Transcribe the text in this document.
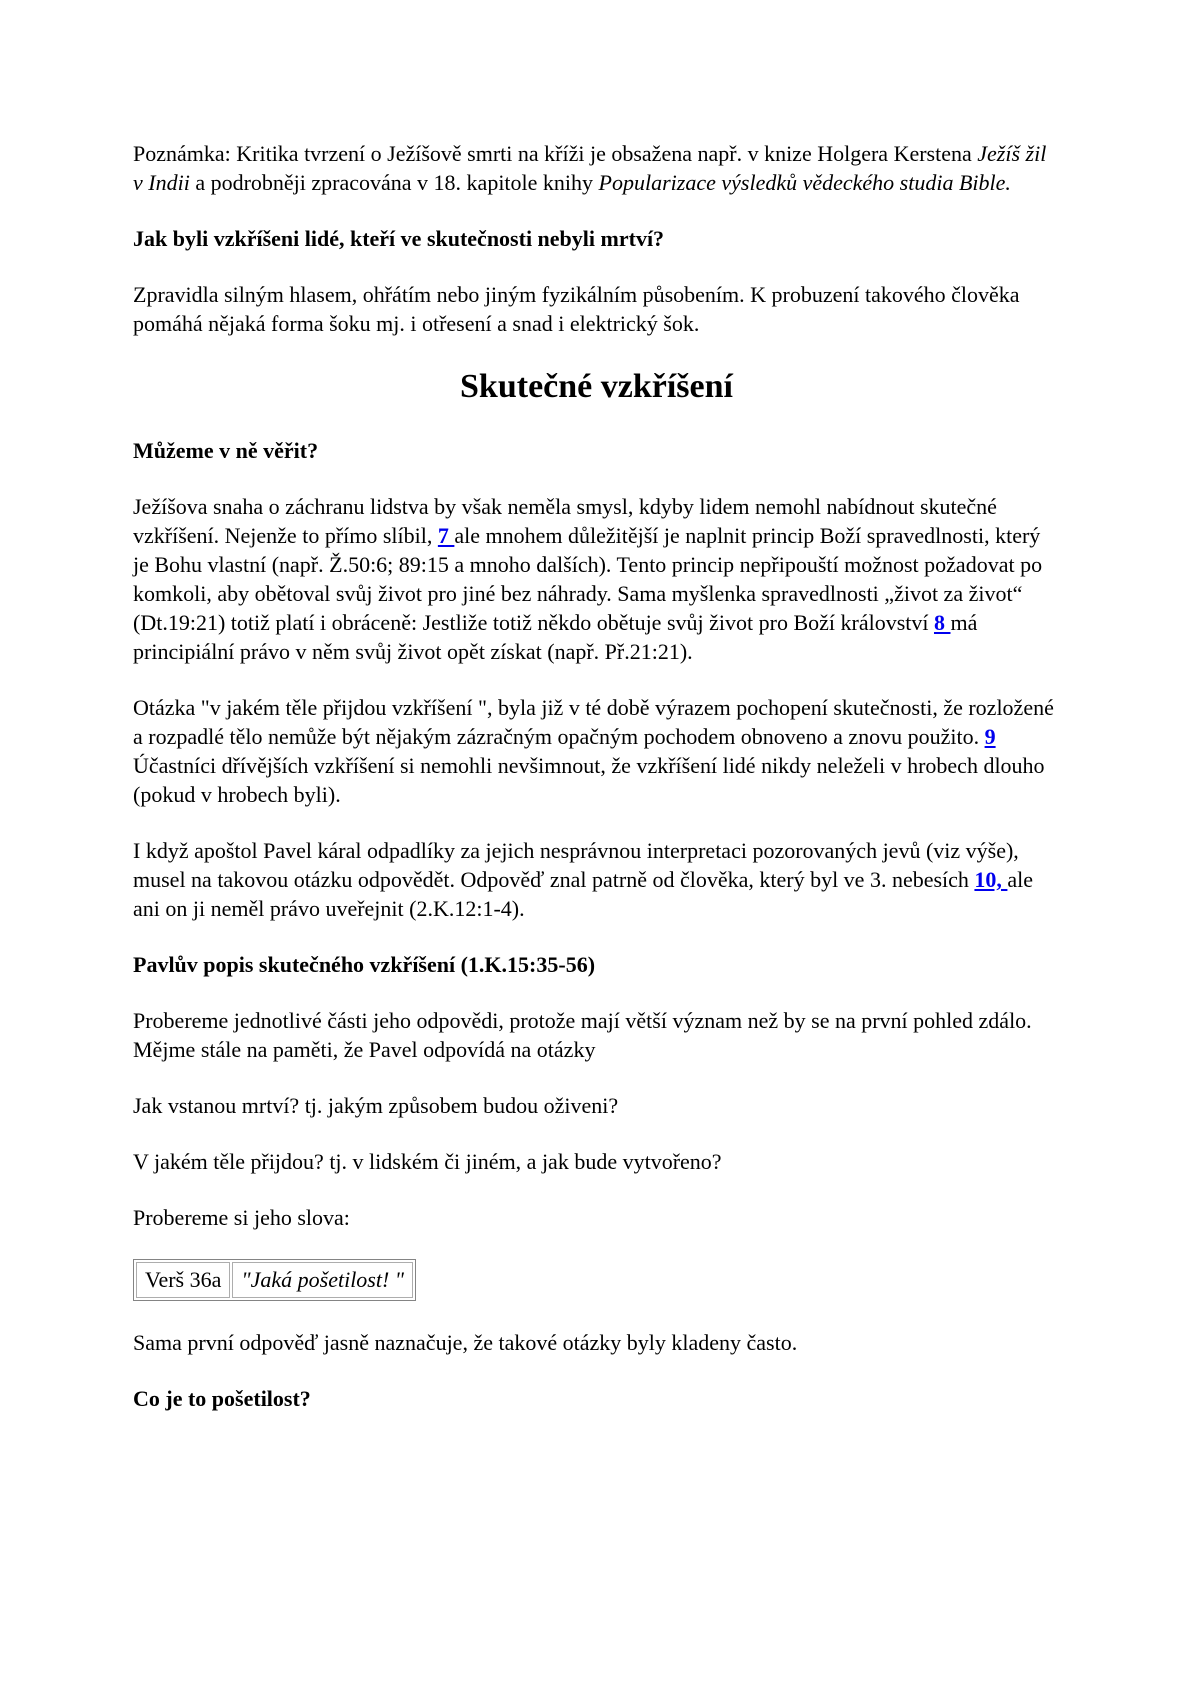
Poznámka: Kritika tvrzení o Ježíšově smrti na kříži je obsažena např. v knize Holgera Kerstena Ježíš žil v Indii a podrobněji zpracována v 18. kapitole knihy Popularizace výsledků vědeckého studia Bible.

Jak byli vzkříšeni lidé, kteří ve skutečnosti nebyli mrtví?

Zpravidla silným hlasem, ohřátím nebo jiným fyzikálním působením. K probuzení takového člověka pomáhá nějaká forma šoku mj. i otřesení a snad i elektrický šok.

Skutečné vzkříšení

Můžeme v ně věřit?

Ježíšova snaha o záchranu lidstva by však neměla smysl, kdyby lidem nemohl nabídnout skutečné vzkříšení. Nejenže to přímo slíbil, 7 ale mnohem důležitější je naplnit princip Boží spravedlnosti, který je Bohu vlastní (např. Ž.50:6; 89:15 a mnoho dalších). Tento princip nepřipouští možnost požadovat po komkoli, aby obětoval svůj život pro jiné bez náhrady. Sama myšlenka spravedlnosti „život za život“ (Dt.19:21) totiž platí i obráceně: Jestliže totiž někdo obětuje svůj život pro Boží království 8 má principiální právo v něm svůj život opět získat (např. Př.21:21).

Otázka "v jakém těle přijdou vzkříšení ", byla již v té době výrazem pochopení skutečnosti, že rozložené a rozpadlé tělo nemůže být nějakým zázračným opačným pochodem obnoveno a znovu použito. 9 Účastníci dřívějších vzkříšení si nemohli nevšimnout, že vzkříšení lidé nikdy neleželi v hrobech dlouho (pokud v hrobech byli).

I když apoštol Pavel káral odpadlíky za jejich nesprávnou interpretaci pozorovaných jevů (viz výše), musel na takovou otázku odpovědět. Odpověď znal patrně od člověka, který byl ve 3. nebesích 10, ale ani on ji neměl právo uveřejnit (2.K.12:1-4).

Pavlův popis skutečného vzkříšení (1.K.15:35-56)

Probereme jednotlivé části jeho odpovědi, protože mají větší význam než by se na první pohled zdálo. Mějme stále na paměti, že Pavel odpovídá na otázky

Jak vstanou mrtví? tj. jakým způsobem budou oživeni?

V jakém těle přijdou? tj. v lidském či jiném, a jak bude vytvořeno?

Probereme si jeho slova:

Verš 36a	"Jaká pošetilost! "

Sama první odpověď jasně naznačuje, že takové otázky byly kladeny často.

Co je to pošetilost?
